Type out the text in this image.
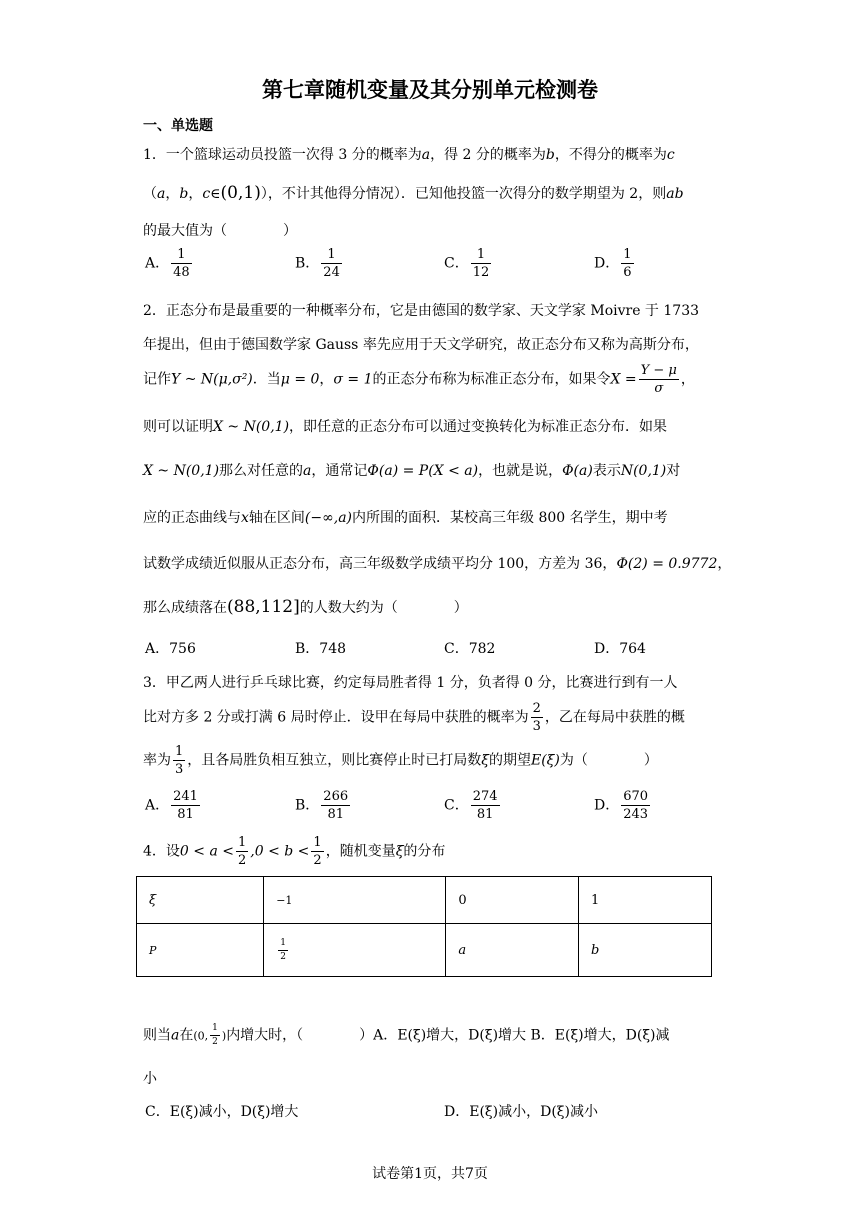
第七章随机变量及其分别单元检测卷
一、单选题
1．一个篮球运动员投篮一次得 3 分的概率为a，得 2 分的概率为b，不得分的概率为c
（a，b，c∈(0,1)），不计其他得分情况）．已知他投篮一次得分的数学期望为 2，则ab
的最大值为（　　　　）
A． $\frac{1}{48}$	B． $\frac{1}{24}$	C． $\frac{1}{12}$	D． $\frac{1}{6}$
2．正态分布是最重要的一种概率分布，它是由德国的数学家、天文学家 Moivre 于 1733
年提出，但由于德国数学家 Gauss 率先应用于天文学研究，故正态分布又称为高斯分布，
记作Y ~ N(μ,σ²)．当μ = 0，σ = 1的正态分布称为标准正态分布，如果令$X = \frac{Y - \mu}{\sigma}$ ，
则可以证明X ~ N(0,1)，即任意的正态分布可以通过变换转化为标准正态分布．如果
X ~ N(0,1)那么对任意的a，通常记Φ(a) = P(X < a)，也就是说，Φ(a)表示N(0,1)对
应的正态曲线与x轴在区间(−∞,a)内所围的面积．某校高三年级 800 名学生，期中考
试数学成绩近似服从正态分布，高三年级数学成绩平均分 100，方差为 36，Φ(2) = 0.9772，
那么成绩落在(88,112]的人数大约为（　　　　）
A．756	B．748	C．782	D．764
3．甲乙两人进行乒乓球比赛，约定每局胜者得 1 分，负者得 0 分，比赛进行到有一人
比对方多 2 分或打满 6 局时停止．设甲在每局中获胜的概率为 $\frac{2}{3}$ ，乙在每局中获胜的概
率为 $\frac{1}{3}$ ，且各局胜负相互独立，则比赛停止时已打局数ξ的期望E(ξ)为（　　　　）
A． $\frac{241}{81}$	B． $\frac{266}{81}$	C． $\frac{274}{81}$	D． $\frac{670}{243}$
4．设$0 < a < \frac{1}{2} ,0 < b < \frac{1}{2}$ ，随机变量ξ的分布
ξ	−1	0	1
P	$\frac{1}{2}$	a	b
则当a在(0, $\frac{1}{2}$ )内增大时，（　　　　）A．E(ξ)增大，D(ξ)增大 B．E(ξ)增大，D(ξ)减
小
C．E(ξ)减小，D(ξ)增大	D．E(ξ)减小，D(ξ)减小
试卷第1页，共7页
